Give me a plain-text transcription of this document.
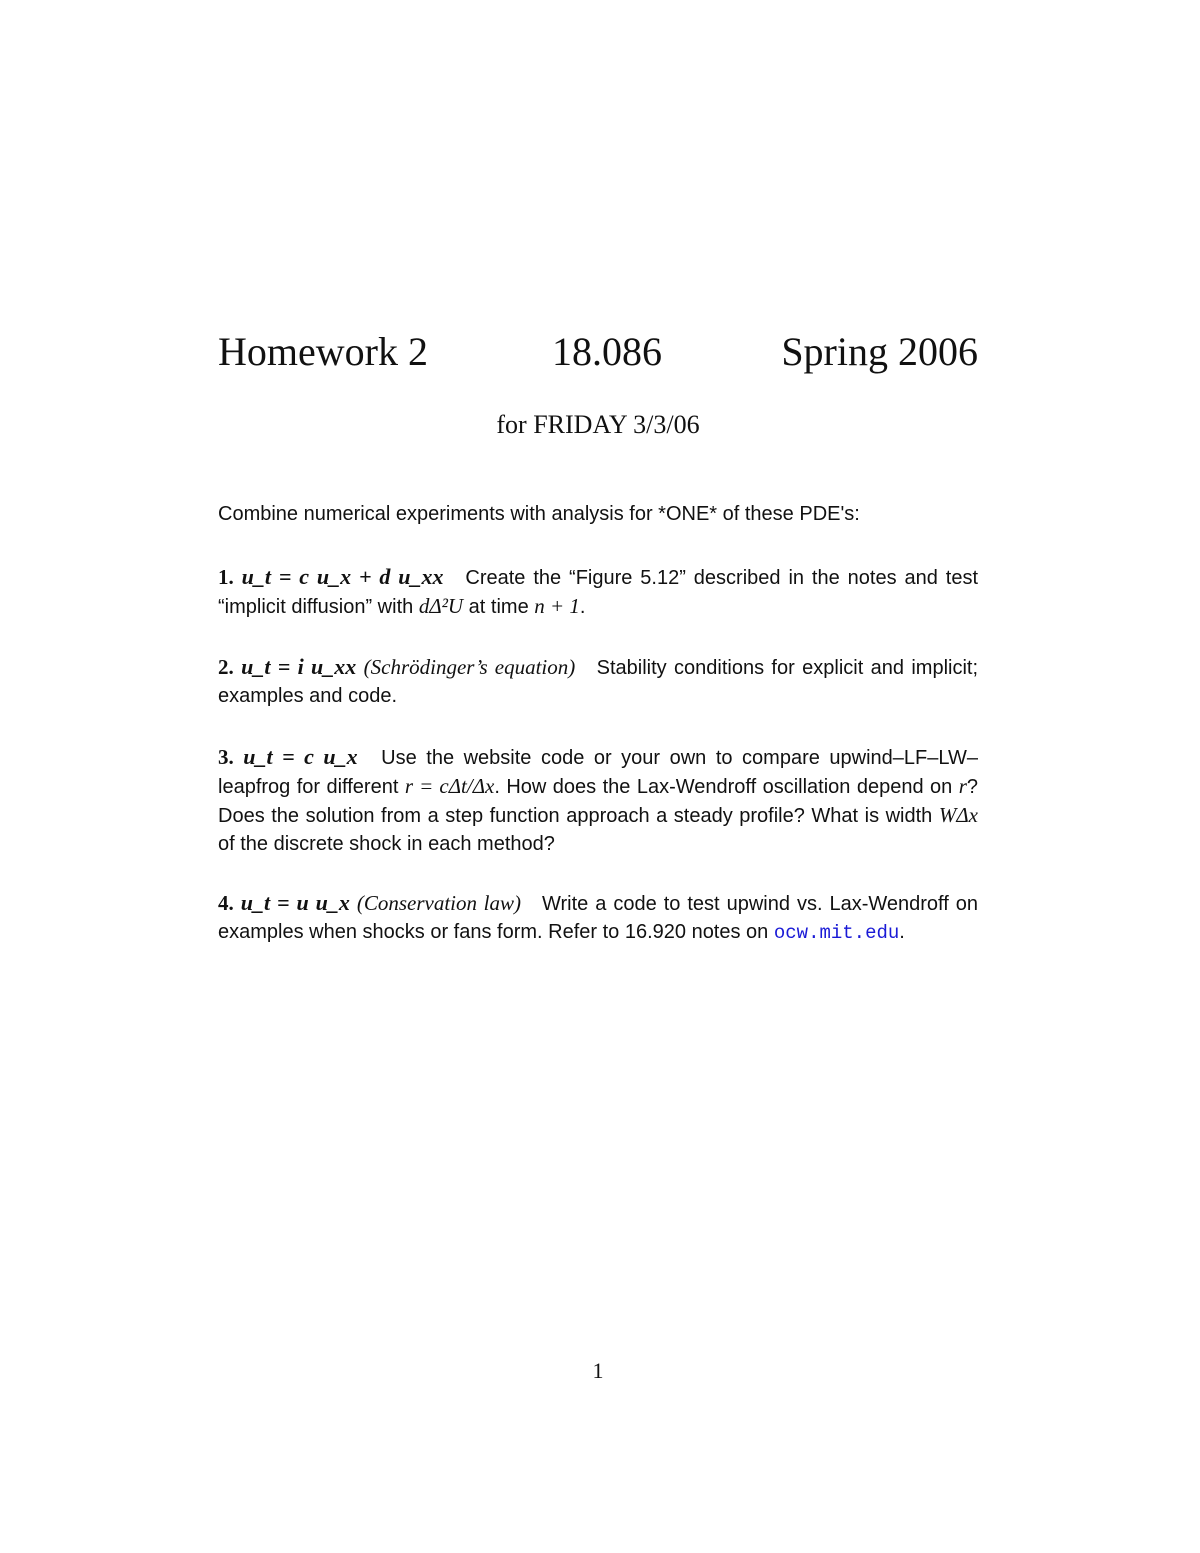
Homework 2	18.086	Spring 2006
for FRIDAY 3/3/06
Combine numerical experiments with analysis for *ONE* of these PDE's:
1. u_t = c u_x + d u_xx Create the “Figure 5.12” described in the notes and test “implicit diffusion” with dΔ²U at time n + 1.
2. u_t = i u_xx (Schrödinger’s equation) Stability conditions for explicit and implicit; examples and code.
3. u_t = c u_x Use the website code or your own to compare upwind–LF–LW–leapfrog for different r = cΔt/Δx. How does the Lax-Wendroff oscillation depend on r? Does the solution from a step function approach a steady profile? What is width WΔx of the discrete shock in each method?
4. u_t = u u_x (Conservation law) Write a code to test upwind vs. Lax-Wendroff on examples when shocks or fans form. Refer to 16.920 notes on ocw.mit.edu.
1
